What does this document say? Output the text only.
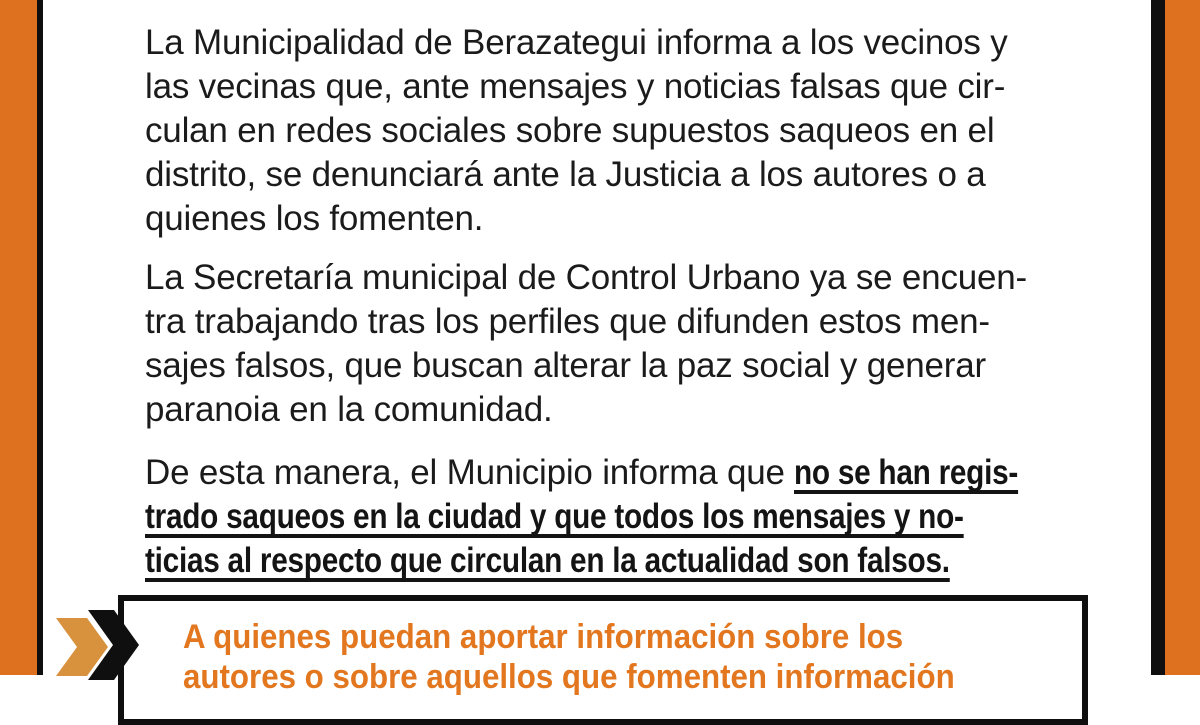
La Municipalidad de Berazategui informa a los vecinos y
las vecinas que, ante mensajes y noticias falsas que cir-
culan en redes sociales sobre supuestos saqueos en el
distrito, se denunciará ante la Justicia a los autores o a
quienes los fomenten.
La Secretaría municipal de Control Urbano ya se encuen-
tra trabajando tras los perfiles que difunden estos men-
sajes falsos, que buscan alterar la paz social y generar
paranoia en la comunidad.
De esta manera, el Municipio informa que no se han regis-
trado saqueos en la ciudad y que todos los mensajes y no-
ticias al respecto que circulan en la actualidad son falsos.
A quienes puedan aportar información sobre los
autores o sobre aquellos que fomenten información
